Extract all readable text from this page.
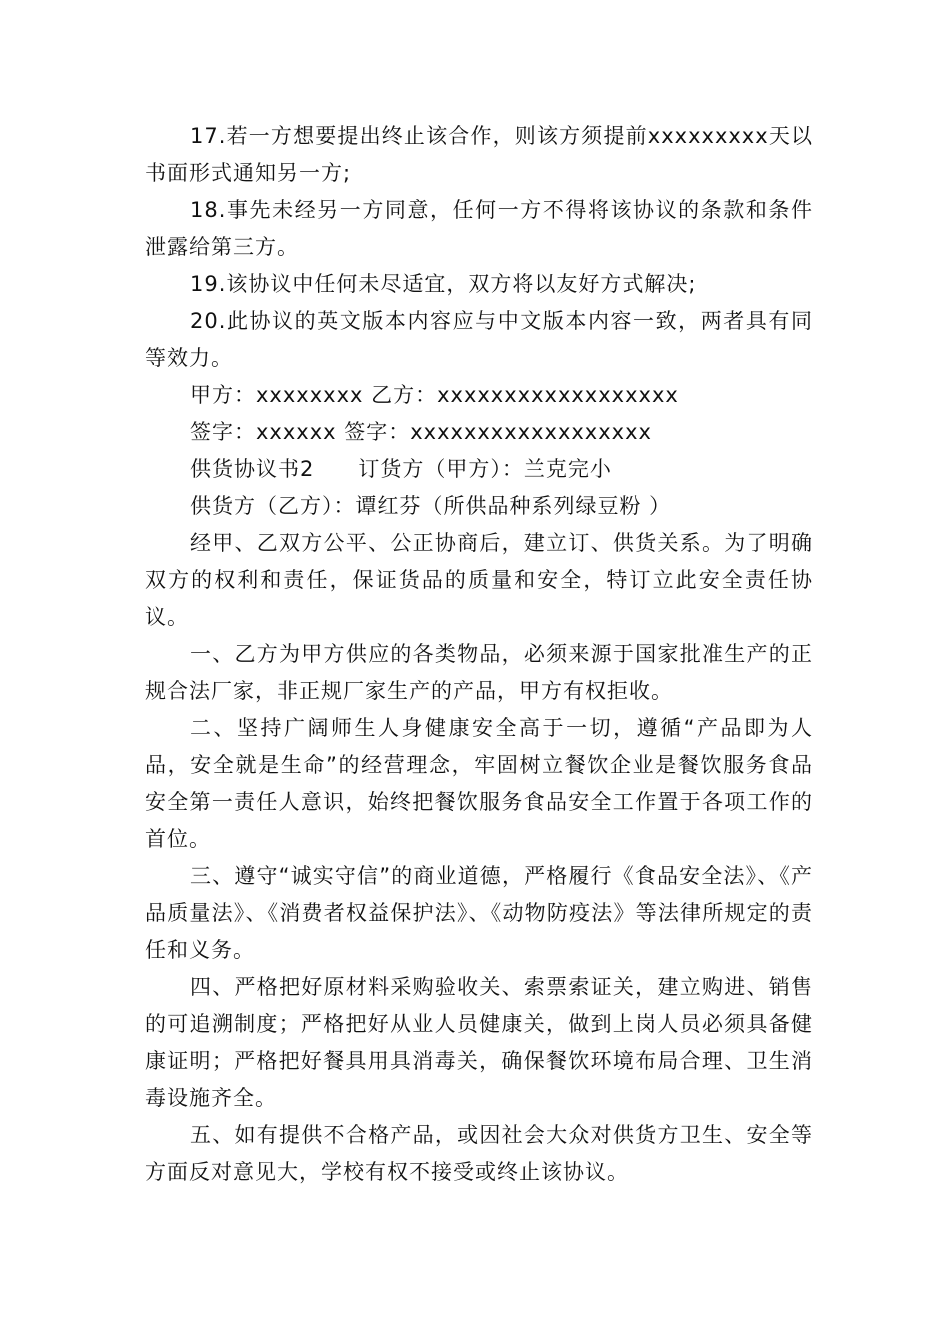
17.若一方想要提出终止该合作，则该方须提前xxxxxxxxx天以书面形式通知另一方;

18.事先未经另一方同意，任何一方不得将该协议的条款和条件泄露给第三方。

19.该协议中任何未尽适宜，双方将以友好方式解决;

20.此协议的英文版本内容应与中文版本内容一致，两者具有同等效力。

甲方：xxxxxxxx 乙方：xxxxxxxxxxxxxxxxxx

签字：xxxxxx 签字：xxxxxxxxxxxxxxxxxx

供货协议书2　　订货方（甲方）：兰克完小

供货方（乙方）：谭红芬（所供品种系列绿豆粉 ）

经甲、乙双方公平、公正协商后，建立订、供货关系。为了明确双方的权利和责任，保证货品的质量和安全，特订立此安全责任协议。

一、乙方为甲方供应的各类物品，必须来源于国家批准生产的正规合法厂家，非正规厂家生产的产品，甲方有权拒收。

二、坚持广阔师生人身健康安全高于一切，遵循“产品即为人品，安全就是生命”的经营理念，牢固树立餐饮企业是餐饮服务食品安全第一责任人意识，始终把餐饮服务食品安全工作置于各项工作的首位。

三、遵守“诚实守信”的商业道德，严格履行《食品安全法》、《产品质量法》、《消费者权益保护法》、《动物防疫法》等法律所规定的责任和义务。

四、严格把好原材料采购验收关、索票索证关，建立购进、销售的可追溯制度；严格把好从业人员健康关，做到上岗人员必须具备健康证明；严格把好餐具用具消毒关，确保餐饮环境布局合理、卫生消毒设施齐全。

五、如有提供不合格产品，或因社会大众对供货方卫生、安全等方面反对意见大，学校有权不接受或终止该协议。
